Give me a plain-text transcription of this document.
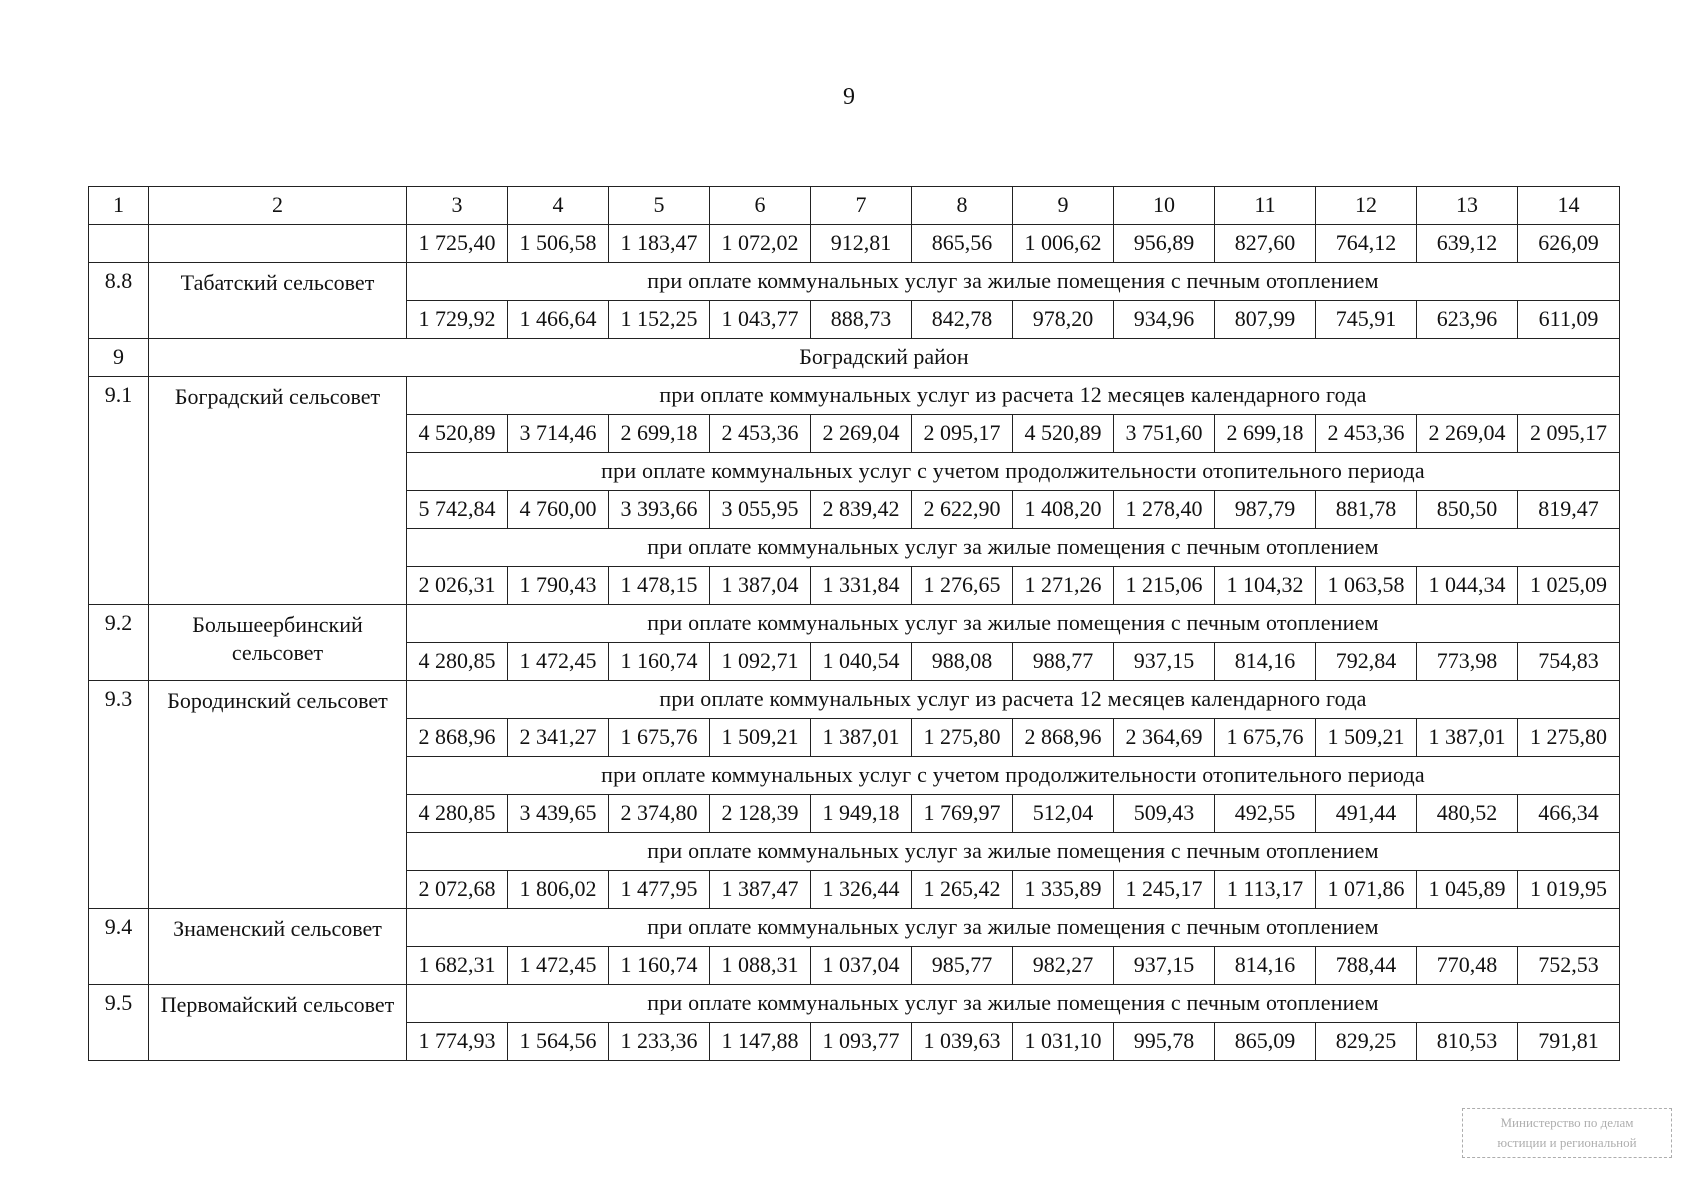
9
1	2	3	4	5	6	7	8	9	10	11	12	13	14
		1 725,40	1 506,58	1 183,47	1 072,02	912,81	865,56	1 006,62	956,89	827,60	764,12	639,12	626,09
8.8	Табатский сельсовет	при оплате коммунальных услуг за жилые помещения с печным отоплением											
		1 729,92	1 466,64	1 152,25	1 043,77	888,73	842,78	978,20	934,96	807,99	745,91	623,96	611,09
9	Боградский район												
9.1	Боградский сельсовет	при оплате коммунальных услуг из расчета 12 месяцев календарного года											
		4 520,89	3 714,46	2 699,18	2 453,36	2 269,04	2 095,17	4 520,89	3 751,60	2 699,18	2 453,36	2 269,04	2 095,17
		при оплате коммунальных услуг с учетом продолжительности отопительного периода											
		5 742,84	4 760,00	3 393,66	3 055,95	2 839,42	2 622,90	1 408,20	1 278,40	987,79	881,78	850,50	819,47
		при оплате коммунальных услуг за жилые помещения с печным отоплением											
		2 026,31	1 790,43	1 478,15	1 387,04	1 331,84	1 276,65	1 271,26	1 215,06	1 104,32	1 063,58	1 044,34	1 025,09
9.2	Большеербинский сельсовет	при оплате коммунальных услуг за жилые помещения с печным отоплением											
		4 280,85	1 472,45	1 160,74	1 092,71	1 040,54	988,08	988,77	937,15	814,16	792,84	773,98	754,83
9.3	Бородинский сельсовет	при оплате коммунальных услуг из расчета 12 месяцев календарного года											
		2 868,96	2 341,27	1 675,76	1 509,21	1 387,01	1 275,80	2 868,96	2 364,69	1 675,76	1 509,21	1 387,01	1 275,80
		при оплате коммунальных услуг с учетом продолжительности отопительного периода											
		4 280,85	3 439,65	2 374,80	2 128,39	1 949,18	1 769,97	512,04	509,43	492,55	491,44	480,52	466,34
		при оплате коммунальных услуг за жилые помещения с печным отоплением											
		2 072,68	1 806,02	1 477,95	1 387,47	1 326,44	1 265,42	1 335,89	1 245,17	1 113,17	1 071,86	1 045,89	1 019,95
9.4	Знаменский сельсовет	при оплате коммунальных услуг за жилые помещения с печным отоплением											
		1 682,31	1 472,45	1 160,74	1 088,31	1 037,04	985,77	982,27	937,15	814,16	788,44	770,48	752,53
9.5	Первомайский сельсовет	при оплате коммунальных услуг за жилые помещения с печным отоплением											
		1 774,93	1 564,56	1 233,36	1 147,88	1 093,77	1 039,63	1 031,10	995,78	865,09	829,25	810,53	791,81
Министерство по делам
юстиции и региональной
